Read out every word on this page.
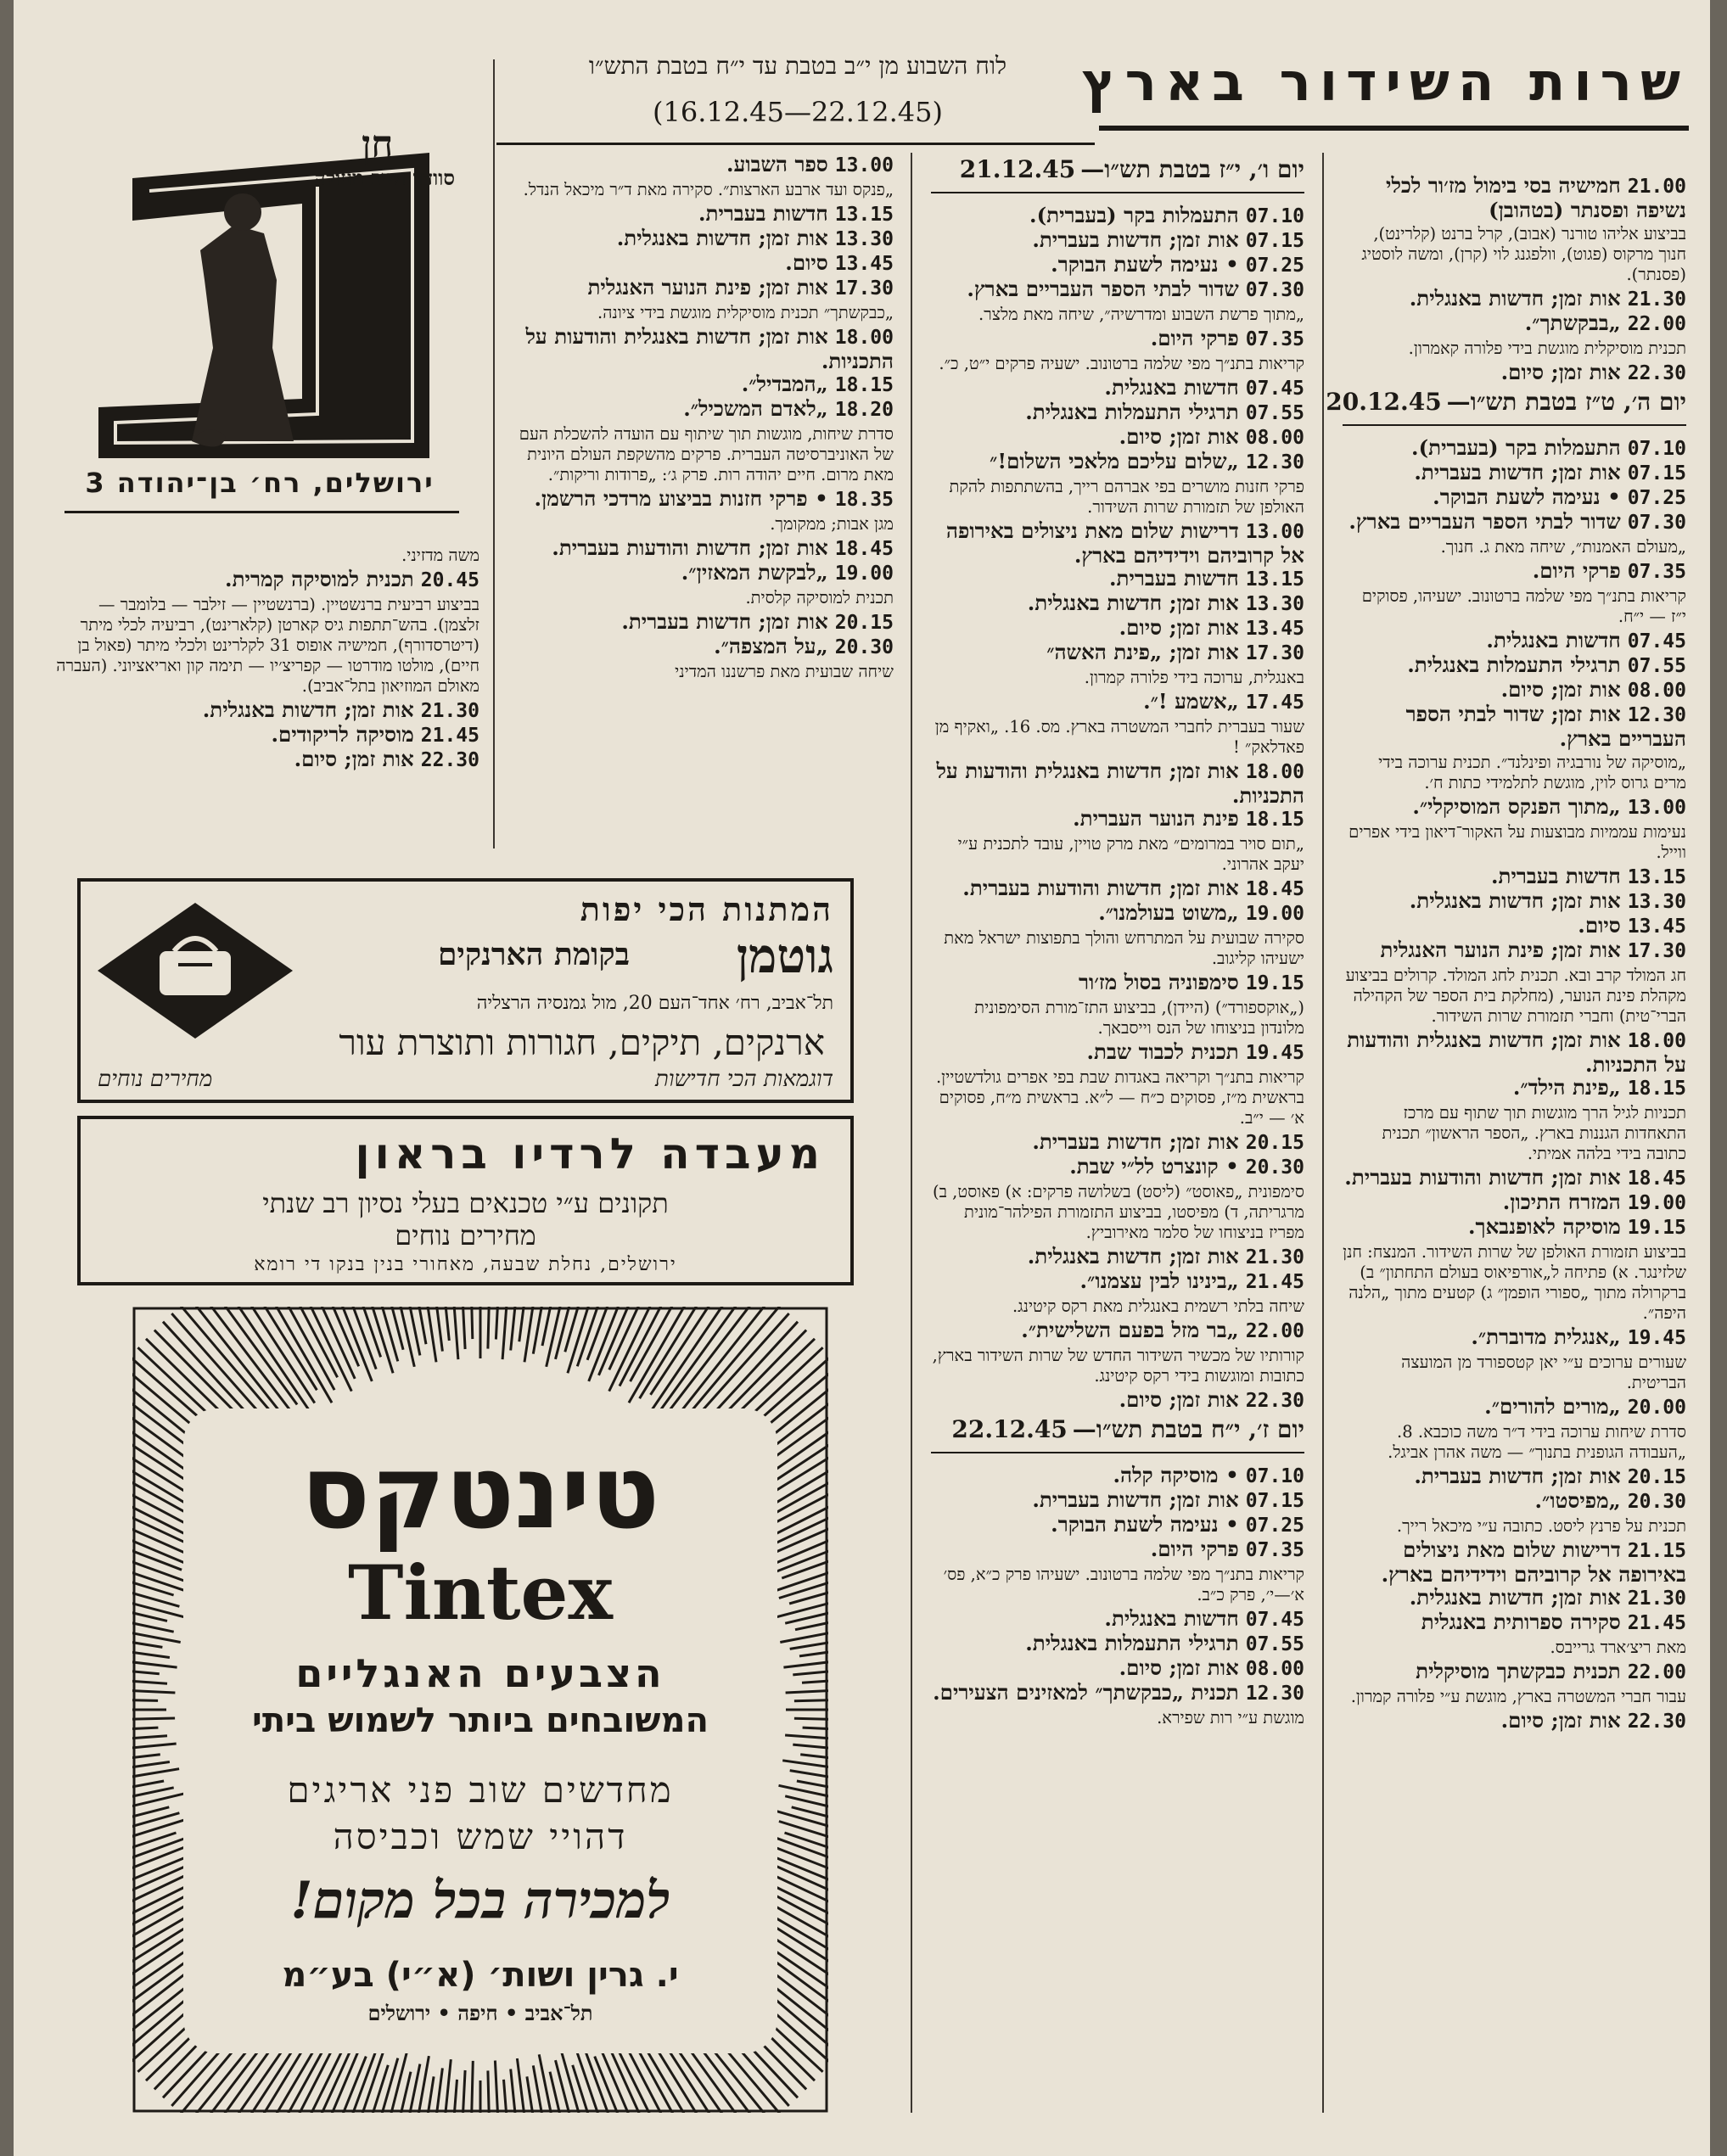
שרות השידור בארץ
לוח השבוע מן י״ב בטבת עד י״ח בטבת התש״ו
(16.12.45—22.12.45)

21.00חמישיה בסי בימול מז׳ור לכלי נשיפה ופסנתר (בטהובן)

בביצוע אליהו טורנר (אבוב), קרל ברנט (קלרינט), חנוך מרקוס (פגוט), וולפגנג לוי (קרן), ומשה לוסטיג (פסנתר).

21.30אות זמן; חדשות באנגלית.

22.00„בבקשתך״.

תכנית מוסיקלית מוגשת בידי פלורה קאמרון.

22.30אות זמן; סיום.

יום ה׳, ט״ז בטבת תש״ו—20.12.45

07.10התעמלות בקר (בעברית).

07.15אות זמן; חדשות בעברית.

07.25• נעימה לשעת הבוקר.

07.30שדור לבתי הספר העבריים בארץ.

„מעולם האמנות״, שיחה מאת ג. חנוך.

07.35פרקי היום.

קריאות בתנ״ך מפי שלמה ברטונוב. ישעיהו, פסוקים י״ז — י״ח.

07.45חדשות באנגלית.

07.55תרגילי התעמלות באנגלית.

08.00אות זמן; סיום.

12.30אות זמן; שדור לבתי הספר העבריים בארץ.

„מוסיקה של נורבגיה ופינלנד״. תכנית ערוכה בידי מרים גרוס לוין, מוגשת לתלמידי כתות ח׳.

13.00„מתוך הפנקס המוסיקלי״.

נעימות עממיות מבוצעות על האקור־דיאון בידי אפרים ווייל.

13.15חדשות בעברית.

13.30אות זמן; חדשות באנגלית.

13.45סיום.

17.30אות זמן; פינת הנוער האנגלית

חג המולד קרב ובא. תכנית לחג המולד. קרולים בביצוע מקהלת פינת הנוער, (מחלקת בית הספר של הקהילה הברי־טית) וחברי תזמורת שרות השידור.

18.00אות זמן; חדשות באנגלית והודעות על התכניות.

18.15„פינת הילד״.

תכניות לגיל הרך מוגשות תוך שתוף עם מרכז התאחדות הגננות בארץ. „הספר הראשון״ תכנית כתובה בידי בלהה אמיתי.

18.45אות זמן; חדשות והודעות בעברית.

19.00המזרח התיכון.

19.15מוסיקה לאופנבאך.

בביצוע תזמורת האולפן של שרות השידור. המנצח: חנן שלזינגר. א) פתיחה ל„אורפיאוס בעולם התחתון״ ב) ברקרולה מתוך „ספורי הופמן״ ג) קטעים מתוך „הלנה היפה״.

19.45„אנגלית מדוברת״.

שעורים ערוכים ע״י יאן קטספורד מן המועצה הבריטית.

20.00„מורים להורים״.

סדרת שיחות ערוכה בידי ד״ר משה כוכבא. 8. „העבודה הגופנית בתנוך״ — משה אהרן אביגל.

20.15אות זמן; חדשות בעברית.

20.30„מפיסטו״.

תכנית על פרנץ ליסט. כתובה ע״י מיכאל רייך.

21.15דרישות שלום מאת ניצולים באירופה אל קרוביהם וידידיהם בארץ.

21.30אות זמן; חדשות באנגלית.

21.45סקירה ספרותית באנגלית

מאת ריצ׳ארד גרייבס.

22.00תכנית כבקשתך מוסיקלית

עבור חברי המשטרה בארץ, מוגשת ע״י פלורה קמרון.

22.30אות זמן; סיום.

יום ו׳, י״ז בטבת תש״ו—21.12.45

07.10התעמלות בקר (בעברית).

07.15אות זמן; חדשות בעברית.

07.25• נעימה לשעת הבוקר.

07.30שדור לבתי הספר העבריים בארץ.

„מתוך פרשת השבוע ומדרשיה״, שיחה מאת מלצר.

07.35פרקי היום.

קריאות בתנ״ך מפי שלמה ברטונוב. ישעיה פרקים י״ט, כ״.

07.45חדשות באנגלית.

07.55תרגילי התעמלות באנגלית.

08.00אות זמן; סיום.

12.30„שלום עליכם מלאכי השלום!״

פרקי חזנות מושרים בפי אברהם רייך, בהשתתפות להקת האולפן של תזמורת שרות השידור.

13.00דרישות שלום מאת ניצולים באירופה אל קרוביהם וידידיהם בארץ.

13.15חדשות בעברית.

13.30אות זמן; חדשות באנגלית.

13.45אות זמן; סיום.

17.30אות זמן; „פינת האשה״

באנגלית, ערוכה בידי פלורה קמרון.

17.45„אשמע !״.

שעור בעברית לחברי המשטרה בארץ. מס. 16. „ואקיף מן פאדלאק״ !

18.00אות זמן; חדשות באנגלית והודעות על התכניות.

18.15פינת הנוער העברית.

„תום סויר במרומים״ מאת מרק טויין, עובד לתכנית ע״י יעקב אהרוני.

18.45אות זמן; חדשות והודעות בעברית.

19.00„משוט בעולמנו״.

סקירה שבועית על המתרחש והולך בתפוצות ישראל מאת ישעיהו קליגוב.

19.15סימפוניה בסול מז׳ור

(„אוקספורד״) (היידן), בביצוע התז־מורת הסימפונית מלונדון בניצוחו של הנס וייסבאך.

19.45תכנית לכבוד שבת.

קריאות בתנ״ך וקריאה באגדות שבת בפי אפרים גולדשטיין. בראשית מ״ז, פסוקים כ״ח — ל״א. בראשית מ״ח, פסוקים א׳ — י״ב.

20.15אות זמן; חדשות בעברית.

20.30• קונצרט לל״י שבת.

סימפונית „פאוסט״ (ליסט) בשלושה פרקים: א) פאוסט, ב) מרגריתה, ד) מפיסטו, בביצוע התזמורת הפילהר־מונית מפריז בניצוחו של סלמר מאירוביץ.

21.30אות זמן; חדשות באנגלית.

21.45„בינינו לבין עצמנו״.

שיחה בלתי רשמית באנגלית מאת רקס קיטינג.

22.00„בר מזל בפעם השלישית״.

קורותיו של מכשיר השידור החדש של שרות השידור בארץ, כתובות ומוגשות בידי רקס קיטינג.

22.30אות זמן; סיום.

יום ז׳, י״ח בטבת תש״ו—22.12.45

07.10• מוסיקה קלה.

07.15אות זמן; חדשות בעברית.

07.25• נעימה לשעת הבוקר.

07.35פרקי היום.

קריאות בתנ״ך מפי שלמה ברטונוב. ישעיהו פרק כ״א, פס׳ א׳—י׳, פרק כ״ב.

07.45חדשות באנגלית.

07.55תרגילי התעמלות באנגלית.

08.00אות זמן; סיום.

12.30תכנית „כבקשתך״ למאזינים הצעירים.

מוגשת ע״י רות שפירא.

13.00ספר השבוע.

„פנקס ועד ארבע הארצות״. סקירה מאת ד״ר מיכאל הנדל.

13.15חדשות בעברית.

13.30אות זמן; חדשות באנגלית.

13.45סיום.

17.30אות זמן; פינת הנוער האנגלית

„כבקשתך״ תכנית מוסיקלית מוגשת בידי ציונה.

18.00אות זמן; חדשות באנגלית והודעות על התכניות.

18.15„המבדיל״.

18.20„לאדם המשכיל״.

סדרת שיחות, מוגשות תוך שיתוף עם הועדה להשכלת העם של האוניברסיטה העברית. פרקים מהשקפת העולם היונית מאת מרום. חיים יהודה רות. פרק ג׳: „פרודות וריקות״.

18.35• פרקי חזנות בביצוע מרדכי הרשמן.

מגן אבות; ממקומך.

18.45אות זמן; חדשות והודעות בעברית.

19.00„לבקשת המאזין״.

תכנית למוסיקה קלסית.

20.15אות זמן; חדשות בעברית.

20.30„על המצפה״.

שיחה שבועית מאת פרשננו המדיני

משה מדזיני.

20.45תכנית למוסיקה קמרית.

בביצוע רביעית ברנשטיין. (ברנשטיין — זילבר — בלומבר — זלצמן). בהש־תתפות גיס קארטן (קלארינט), רביעיה לכלי מיתר (דיטרסדורף), חמישיה אופוס 31 לקלרינט ולכלי מיתר (פאול בן חיים), מולטו מודרטו — קפריצ׳יו — תימה קון ואריאציוני. (העברה מאולם המוזיאון בתל־אביב).

21.30אות זמן; חדשות באנגלית.

21.45מוסיקה לריקודים.

22.30אות זמן; סיום.

חן
סוודר ושיב מעולה
ירושלים, רח׳ בן־יהודה 3
המתנות הכי יפות
גוטמן
בקומת הארנקים
תל־אביב, רח׳ אחד־העם 20, מול גמנסיה הרצליה
ארנקים, תיקים, חגורות ותוצרת עור
דוגמאות הכי חדישות
מחירים נוחים
מעבדה לרדיו בראון
תקונים ע״י טכנאים בעלי נסיון רב שנתי
מחירים נוחים
ירושלים, נחלת שבעה, מאחורי בנין בנקו די רומא
טינטקס
Tintex
הצבעים האנגליים
המשובחים ביותר לשמוש ביתי
מחדשים שוב פני אריגים
דהויי שמש וכביסה
למכירה בכל מקום!
י. גרין ושות׳ (א״י) בע״מ
תל־אביב • חיפה • ירושלים
